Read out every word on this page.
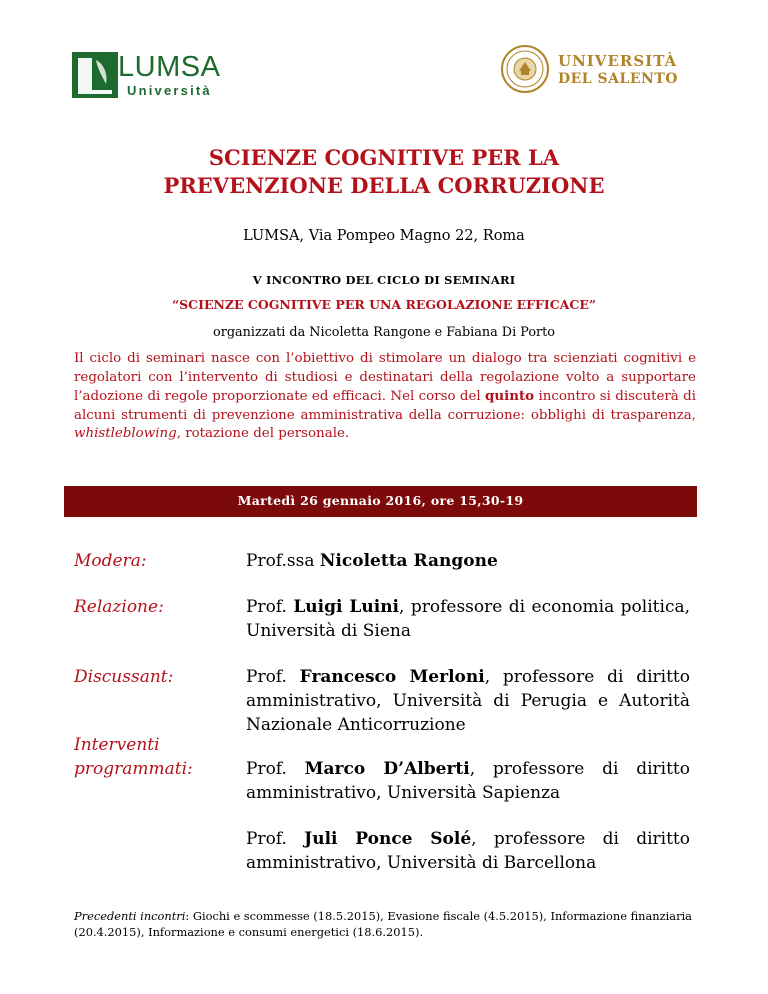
LUMSA
Università
UNIVERSITÀ
DEL SALENTO
SCIENZE COGNITIVE PER LA
PREVENZIONE DELLA CORRUZIONE
LUMSA, Via Pompeo Magno 22, Roma
V INCONTRO DEL CICLO DI SEMINARI
“SCIENZE COGNITIVE PER UNA REGOLAZIONE EFFICACE”
organizzati da Nicoletta Rangone e Fabiana Di Porto
Il ciclo di seminari nasce con l’obiettivo di stimolare un dialogo tra scienziati cognitivi e regolatori con l’intervento di studiosi e destinatari della regolazione volto a supportare l’adozione di regole proporzionate ed efficaci. Nel corso del quinto incontro si discuterà di alcuni strumenti di prevenzione amministrativa della corruzione: obblighi di trasparenza, whistleblowing, rotazione del personale.
Martedì 26 gennaio 2016, ore 15,30-19
Modera:	Prof.ssa Nicoletta Rangone
Relazione:	Prof. Luigi Luini, professore di economia politica, Università di Siena
Discussant:	Prof. Francesco Merloni, professore di diritto amministrativo, Università di Perugia e Autorità Nazionale Anticorruzione
Interventi
programmati:	Prof. Marco D’Alberti, professore di diritto amministrativo, Università Sapienza
Prof. Juli Ponce Solé, professore di diritto amministrativo, Università di Barcellona
Precedenti incontri: Giochi e scommesse (18.5.2015), Evasione fiscale (4.5.2015), Informazione finanziaria (20.4.2015), Informazione e consumi energetici (18.6.2015).
